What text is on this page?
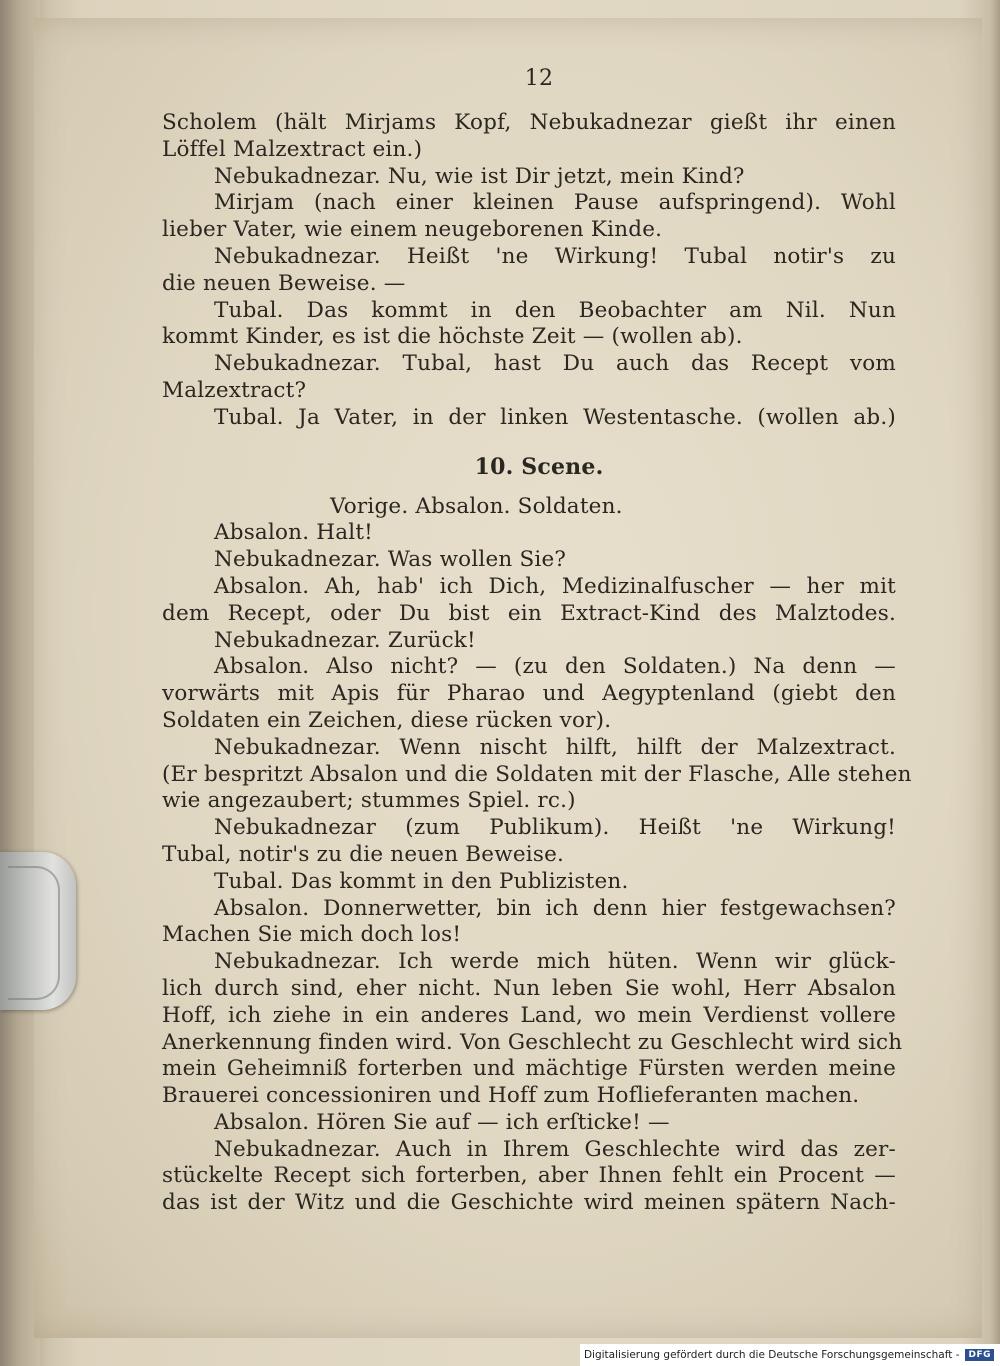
12
Scholem (hält Mirjams Kopf, Nebukadnezar gießt ihr einen
Löffel Malzextract ein.)
Nebukadnezar. Nu, wie ist Dir jetzt, mein Kind?
Mirjam (nach einer kleinen Pause aufspringend). Wohl
lieber Vater, wie einem neugeborenen Kinde.
Nebukadnezar. Heißt 'ne Wirkung! Tubal notir's zu
die neuen Beweise. —
Tubal. Das kommt in den Beobachter am Nil. Nun
kommt Kinder, es ist die höchste Zeit — (wollen ab).
Nebukadnezar. Tubal, hast Du auch das Recept vom
Malzextract?
Tubal. Ja Vater, in der linken Westentasche. (wollen ab.)
10. Scene.
Vorige. Absalon. Soldaten.
Absalon. Halt!
Nebukadnezar. Was wollen Sie?
Absalon. Ah, hab' ich Dich, Medizinalfuscher — her mit
dem Recept, oder Du bist ein Extract-Kind des Malztodes.
Nebukadnezar. Zurück!
Absalon. Also nicht? — (zu den Soldaten.) Na denn —
vorwärts mit Apis für Pharao und Aegyptenland (giebt den
Soldaten ein Zeichen, diese rücken vor).
Nebukadnezar. Wenn nischt hilft, hilft der Malzextract.
(Er bespritzt Absalon und die Soldaten mit der Flasche, Alle stehen
wie angezaubert; stummes Spiel. rc.)
Nebukadnezar (zum Publikum). Heißt 'ne Wirkung!
Tubal, notir's zu die neuen Beweise.
Tubal. Das kommt in den Publizisten.
Absalon. Donnerwetter, bin ich denn hier festgewachsen?
Machen Sie mich doch los!
Nebukadnezar. Ich werde mich hüten. Wenn wir glück-
lich durch sind, eher nicht. Nun leben Sie wohl, Herr Absalon
Hoff, ich ziehe in ein anderes Land, wo mein Verdienst vollere
Anerkennung finden wird. Von Geschlecht zu Geschlecht wird sich
mein Geheimniß forterben und mächtige Fürsten werden meine
Brauerei concessioniren und Hoff zum Hoflieferanten machen.
Absalon. Hören Sie auf — ich erſticke! —
Nebukadnezar. Auch in Ihrem Geschlechte wird das zer-
stückelte Recept sich forterben, aber Ihnen fehlt ein Procent —
das ist der Witz und die Geschichte wird meinen spätern Nach-
Digitalisierung gefördert durch die Deutsche Forschungsgemeinschaft -	DFG
